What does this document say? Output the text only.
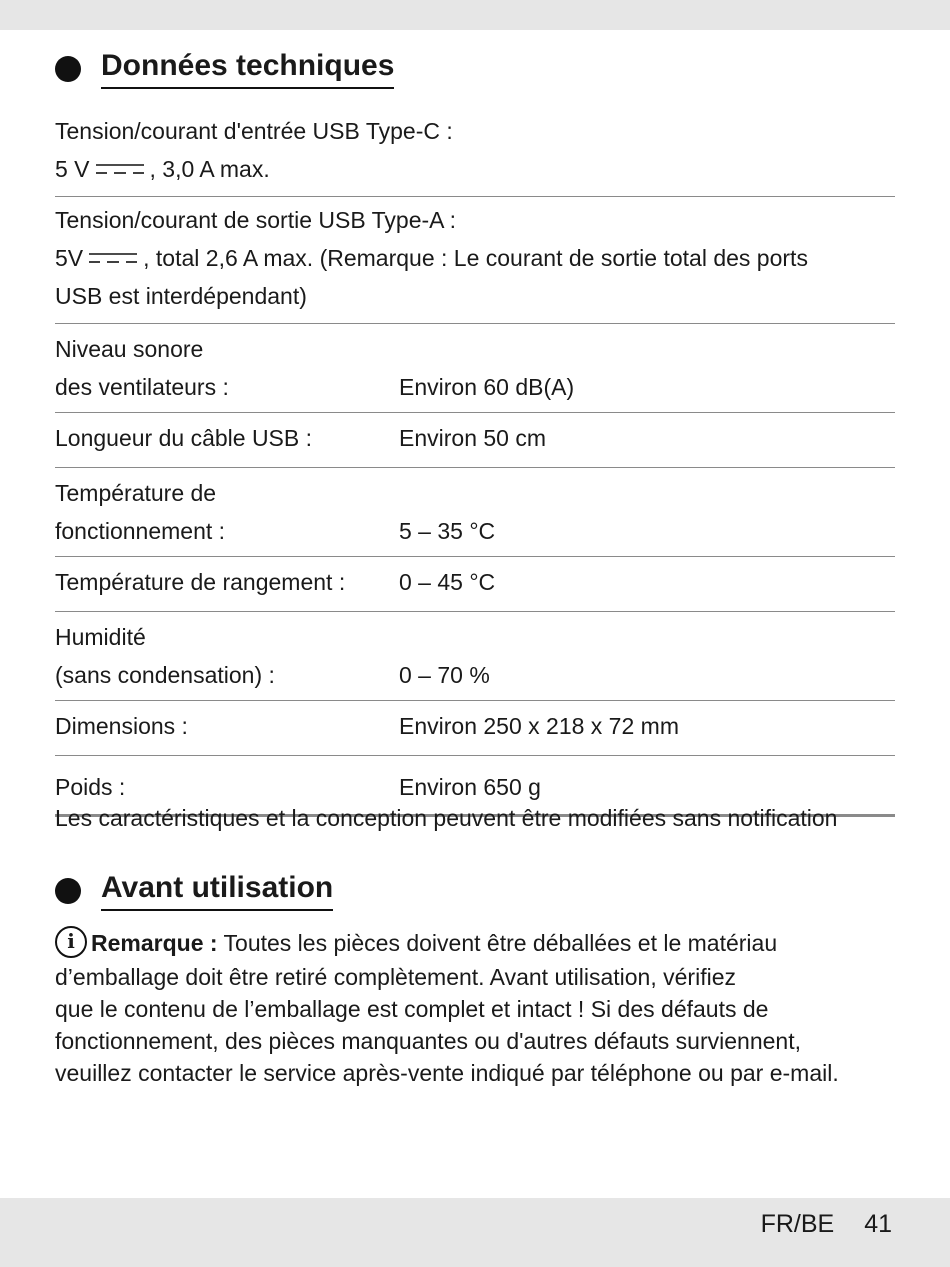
Données techniques
Tension/courant d'entrée USB Type-C :
5 V	, 3,0 A max.
Tension/courant de sortie USB Type-A :
5V	, total 2,6 A max. (Remarque : Le courant de sortie total des ports
USB est interdépendant)
Niveau sonore
des ventilateurs :	Environ 60 dB(A)
Longueur du câble USB :	Environ 50 cm
Température de
fonctionnement :	5 – 35 °C
Température de rangement :	0 – 45 °C
Humidité
(sans condensation) :	0 – 70 %
Dimensions :	Environ 250 x 218 x 72 mm
Poids :	Environ 650 g
Les caractéristiques et la conception peuvent être modifiées sans notification
Avant utilisation
i Remarque : Toutes les pièces doivent être déballées et le matériau
d’emballage doit être retiré complètement. Avant utilisation, vérifiez
que le contenu de l’emballage est complet et intact ! Si des défauts de
fonctionnement, des pièces manquantes ou d'autres défauts surviennent,
veuillez contacter le service après-vente indiqué par téléphone ou par e-mail.
FR/BE 41
